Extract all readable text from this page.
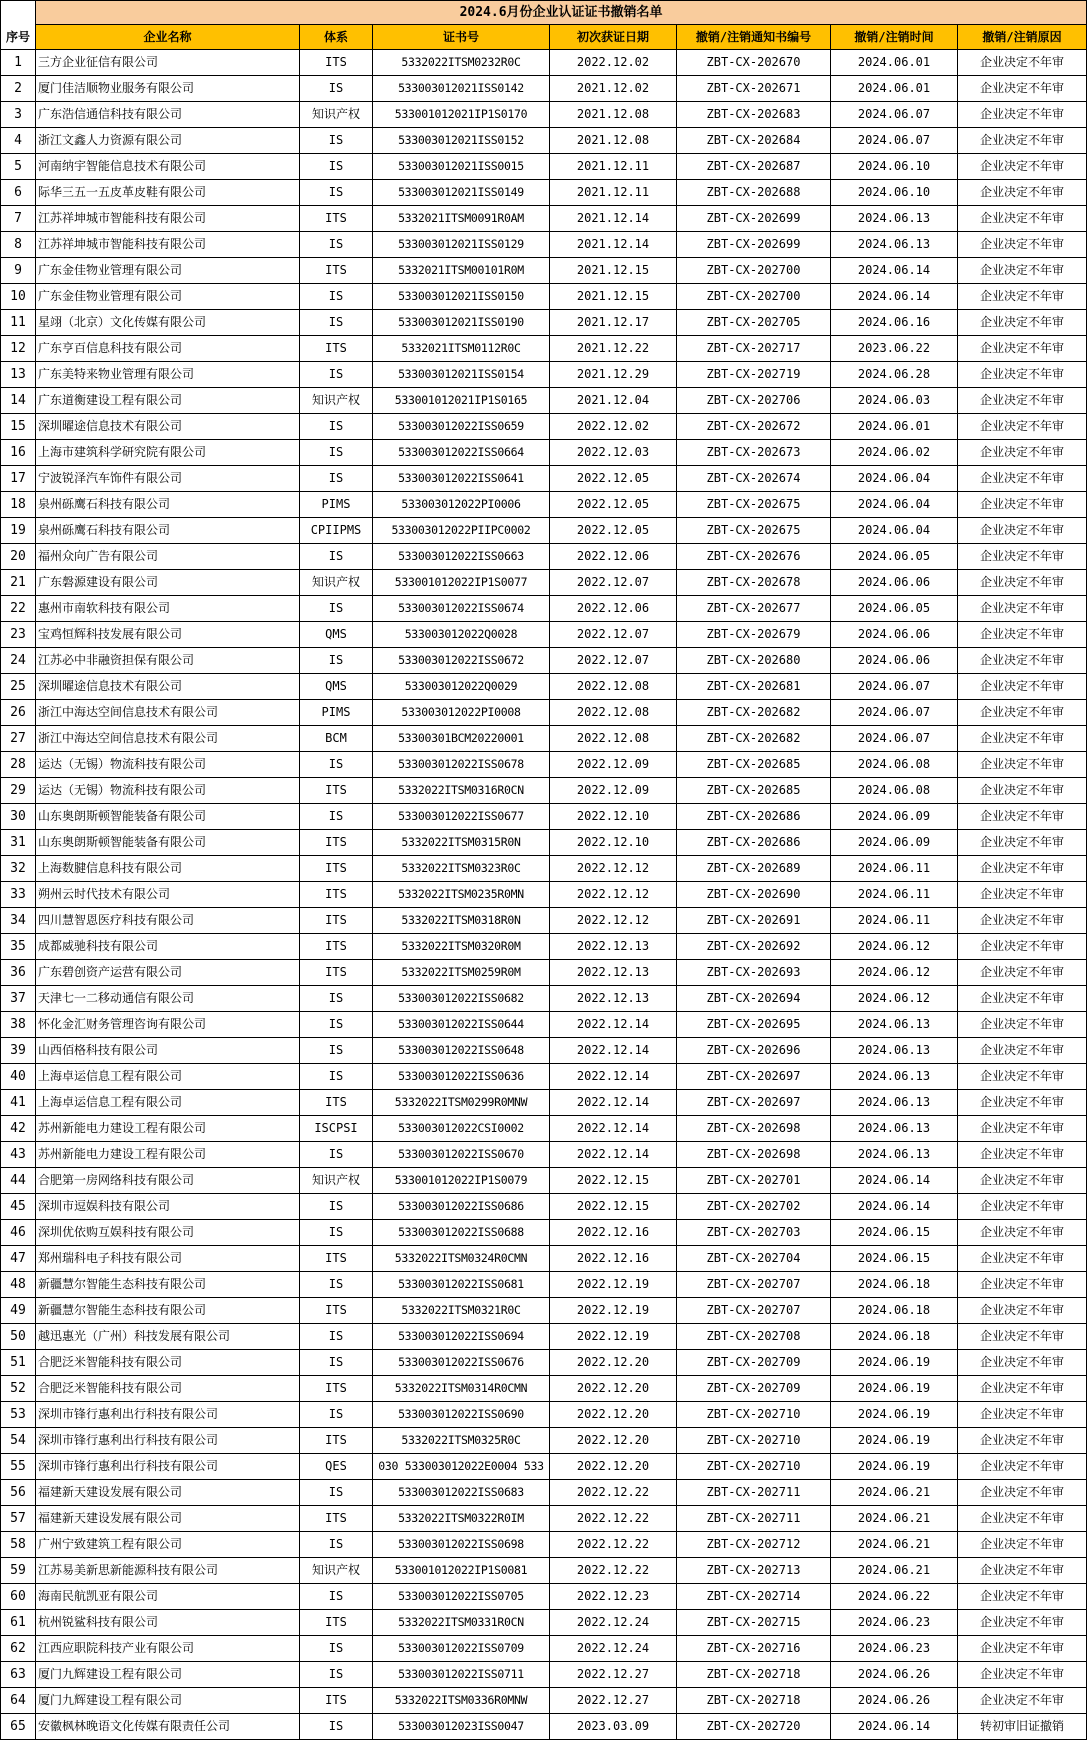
	2024.6月份企业认证证书撤销名单						
序号	企业名称	体系	证书号	初次获证日期	撤销/注销通知书编号	撤销/注销时间	撤销/注销原因
1	三方企业征信有限公司	ITS	5332022ITSM0232R0C	2022.12.02	ZBT-CX-202670	2024.06.01	企业决定不年审
2	厦门佳洁顺物业服务有限公司	IS	533003012021ISS0142	2021.12.02	ZBT-CX-202671	2024.06.01	企业决定不年审
3	广东浩信通信科技有限公司	知识产权	533001012021IP1S0170	2021.12.08	ZBT-CX-202683	2024.06.07	企业决定不年审
4	浙江文鑫人力资源有限公司	IS	533003012021ISS0152	2021.12.08	ZBT-CX-202684	2024.06.07	企业决定不年审
5	河南纳宇智能信息技术有限公司	IS	533003012021ISS0015	2021.12.11	ZBT-CX-202687	2024.06.10	企业决定不年审
6	际华三五一五皮革皮鞋有限公司	IS	533003012021ISS0149	2021.12.11	ZBT-CX-202688	2024.06.10	企业决定不年审
7	江苏祥坤城市智能科技有限公司	ITS	5332021ITSM0091R0AM	2021.12.14	ZBT-CX-202699	2024.06.13	企业决定不年审
8	江苏祥坤城市智能科技有限公司	IS	533003012021ISS0129	2021.12.14	ZBT-CX-202699	2024.06.13	企业决定不年审
9	广东金佳物业管理有限公司	ITS	5332021ITSM00101R0M	2021.12.15	ZBT-CX-202700	2024.06.14	企业决定不年审
10	广东金佳物业管理有限公司	IS	533003012021ISS0150	2021.12.15	ZBT-CX-202700	2024.06.14	企业决定不年审
11	星翊（北京）文化传媒有限公司	IS	533003012021ISS0190	2021.12.17	ZBT-CX-202705	2024.06.16	企业决定不年审
12	广东亨百信息科技有限公司	ITS	5332021ITSM0112R0C	2021.12.22	ZBT-CX-202717	2023.06.22	企业决定不年审
13	广东美特来物业管理有限公司	IS	533003012021ISS0154	2021.12.29	ZBT-CX-202719	2024.06.28	企业决定不年审
14	广东道衡建设工程有限公司	知识产权	533001012021IP1S0165	2021.12.04	ZBT-CX-202706	2024.06.03	企业决定不年审
15	深圳曜途信息技术有限公司	IS	533003012022ISS0659	2022.12.02	ZBT-CX-202672	2024.06.01	企业决定不年审
16	上海市建筑科学研究院有限公司	IS	533003012022ISS0664	2022.12.03	ZBT-CX-202673	2024.06.02	企业决定不年审
17	宁波锐泽汽车饰件有限公司	IS	533003012022ISS0641	2022.12.05	ZBT-CX-202674	2024.06.04	企业决定不年审
18	泉州砾鹰石科技有限公司	PIMS	533003012022PI0006	2022.12.05	ZBT-CX-202675	2024.06.04	企业决定不年审
19	泉州砾鹰石科技有限公司	CPIIPMS	533003012022PIIPC0002	2022.12.05	ZBT-CX-202675	2024.06.04	企业决定不年审
20	福州众向广告有限公司	IS	533003012022ISS0663	2022.12.06	ZBT-CX-202676	2024.06.05	企业决定不年审
21	广东磐源建设有限公司	知识产权	533001012022IP1S0077	2022.12.07	ZBT-CX-202678	2024.06.06	企业决定不年审
22	惠州市南软科技有限公司	IS	533003012022ISS0674	2022.12.06	ZBT-CX-202677	2024.06.05	企业决定不年审
23	宝鸡恒辉科技发展有限公司	QMS	533003012022Q0028	2022.12.07	ZBT-CX-202679	2024.06.06	企业决定不年审
24	江苏必中非融资担保有限公司	IS	533003012022ISS0672	2022.12.07	ZBT-CX-202680	2024.06.06	企业决定不年审
25	深圳曜途信息技术有限公司	QMS	533003012022Q0029	2022.12.08	ZBT-CX-202681	2024.06.07	企业决定不年审
26	浙江中海达空间信息技术有限公司	PIMS	533003012022PI0008	2022.12.08	ZBT-CX-202682	2024.06.07	企业决定不年审
27	浙江中海达空间信息技术有限公司	BCM	53300301BCM20220001	2022.12.08	ZBT-CX-202682	2024.06.07	企业决定不年审
28	运达（无锡）物流科技有限公司	IS	533003012022ISS0678	2022.12.09	ZBT-CX-202685	2024.06.08	企业决定不年审
29	运达（无锡）物流科技有限公司	ITS	5332022ITSM0316R0CN	2022.12.09	ZBT-CX-202685	2024.06.08	企业决定不年审
30	山东奥朗斯顿智能装备有限公司	IS	533003012022ISS0677	2022.12.10	ZBT-CX-202686	2024.06.09	企业决定不年审
31	山东奥朗斯顿智能装备有限公司	ITS	5332022ITSM0315R0N	2022.12.10	ZBT-CX-202686	2024.06.09	企业决定不年审
32	上海数腱信息科技有限公司	ITS	5332022ITSM0323R0C	2022.12.12	ZBT-CX-202689	2024.06.11	企业决定不年审
33	朔州云时代技术有限公司	ITS	5332022ITSM0235R0MN	2022.12.12	ZBT-CX-202690	2024.06.11	企业决定不年审
34	四川慧智恩医疗科技有限公司	ITS	5332022ITSM0318R0N	2022.12.12	ZBT-CX-202691	2024.06.11	企业决定不年审
35	成都威驰科技有限公司	ITS	5332022ITSM0320R0M	2022.12.13	ZBT-CX-202692	2024.06.12	企业决定不年审
36	广东碧创资产运营有限公司	ITS	5332022ITSM0259R0M	2022.12.13	ZBT-CX-202693	2024.06.12	企业决定不年审
37	天津七一二移动通信有限公司	IS	533003012022ISS0682	2022.12.13	ZBT-CX-202694	2024.06.12	企业决定不年审
38	怀化金汇财务管理咨询有限公司	IS	533003012022ISS0644	2022.12.14	ZBT-CX-202695	2024.06.13	企业决定不年审
39	山西佰格科技有限公司	IS	533003012022ISS0648	2022.12.14	ZBT-CX-202696	2024.06.13	企业决定不年审
40	上海卓运信息工程有限公司	IS	533003012022ISS0636	2022.12.14	ZBT-CX-202697	2024.06.13	企业决定不年审
41	上海卓运信息工程有限公司	ITS	5332022ITSM0299R0MNW	2022.12.14	ZBT-CX-202697	2024.06.13	企业决定不年审
42	苏州新能电力建设工程有限公司	ISCPSI	533003012022CSI0002	2022.12.14	ZBT-CX-202698	2024.06.13	企业决定不年审
43	苏州新能电力建设工程有限公司	IS	533003012022ISS0670	2022.12.14	ZBT-CX-202698	2024.06.13	企业决定不年审
44	合肥第一房网络科技有限公司	知识产权	533001012022IP1S0079	2022.12.15	ZBT-CX-202701	2024.06.14	企业决定不年审
45	深圳市逗娱科技有限公司	IS	533003012022ISS0686	2022.12.15	ZBT-CX-202702	2024.06.14	企业决定不年审
46	深圳优依购互娱科技有限公司	IS	533003012022ISS0688	2022.12.16	ZBT-CX-202703	2024.06.15	企业决定不年审
47	郑州瑞科电子科技有限公司	ITS	5332022ITSM0324R0CMN	2022.12.16	ZBT-CX-202704	2024.06.15	企业决定不年审
48	新疆慧尔智能生态科技有限公司	IS	533003012022ISS0681	2022.12.19	ZBT-CX-202707	2024.06.18	企业决定不年审
49	新疆慧尔智能生态科技有限公司	ITS	5332022ITSM0321R0C	2022.12.19	ZBT-CX-202707	2024.06.18	企业决定不年审
50	越迅惠光（广州）科技发展有限公司	IS	533003012022ISS0694	2022.12.19	ZBT-CX-202708	2024.06.18	企业决定不年审
51	合肥泛米智能科技有限公司	IS	533003012022ISS0676	2022.12.20	ZBT-CX-202709	2024.06.19	企业决定不年审
52	合肥泛米智能科技有限公司	ITS	5332022ITSM0314R0CMN	2022.12.20	ZBT-CX-202709	2024.06.19	企业决定不年审
53	深圳市锋行惠利出行科技有限公司	IS	533003012022ISS0690	2022.12.20	ZBT-CX-202710	2024.06.19	企业决定不年审
54	深圳市锋行惠利出行科技有限公司	ITS	5332022ITSM0325R0C	2022.12.20	ZBT-CX-202710	2024.06.19	企业决定不年审
55	深圳市锋行惠利出行科技有限公司	QES	030 533003012022E0004 533	2022.12.20	ZBT-CX-202710	2024.06.19	企业决定不年审
56	福建新天建设发展有限公司	IS	533003012022ISS0683	2022.12.22	ZBT-CX-202711	2024.06.21	企业决定不年审
57	福建新天建设发展有限公司	ITS	5332022ITSM0322R0IM	2022.12.22	ZBT-CX-202711	2024.06.21	企业决定不年审
58	广州宁致建筑工程有限公司	IS	533003012022ISS0698	2022.12.22	ZBT-CX-202712	2024.06.21	企业决定不年审
59	江苏易美新思新能源科技有限公司	知识产权	533001012022IP1S0081	2022.12.22	ZBT-CX-202713	2024.06.21	企业决定不年审
60	海南民航凯亚有限公司	IS	533003012022ISS0705	2022.12.23	ZBT-CX-202714	2024.06.22	企业决定不年审
61	杭州锐鲨科技有限公司	ITS	5332022ITSM0331R0CN	2022.12.24	ZBT-CX-202715	2024.06.23	企业决定不年审
62	江西应职院科技产业有限公司	IS	533003012022ISS0709	2022.12.24	ZBT-CX-202716	2024.06.23	企业决定不年审
63	厦门九辉建设工程有限公司	IS	533003012022ISS0711	2022.12.27	ZBT-CX-202718	2024.06.26	企业决定不年审
64	厦门九辉建设工程有限公司	ITS	5332022ITSM0336R0MNW	2022.12.27	ZBT-CX-202718	2024.06.26	企业决定不年审
65	安徽枫林晚语文化传媒有限责任公司	IS	533003012023ISS0047	2023.03.09	ZBT-CX-202720	2024.06.14	转初审旧证撤销
